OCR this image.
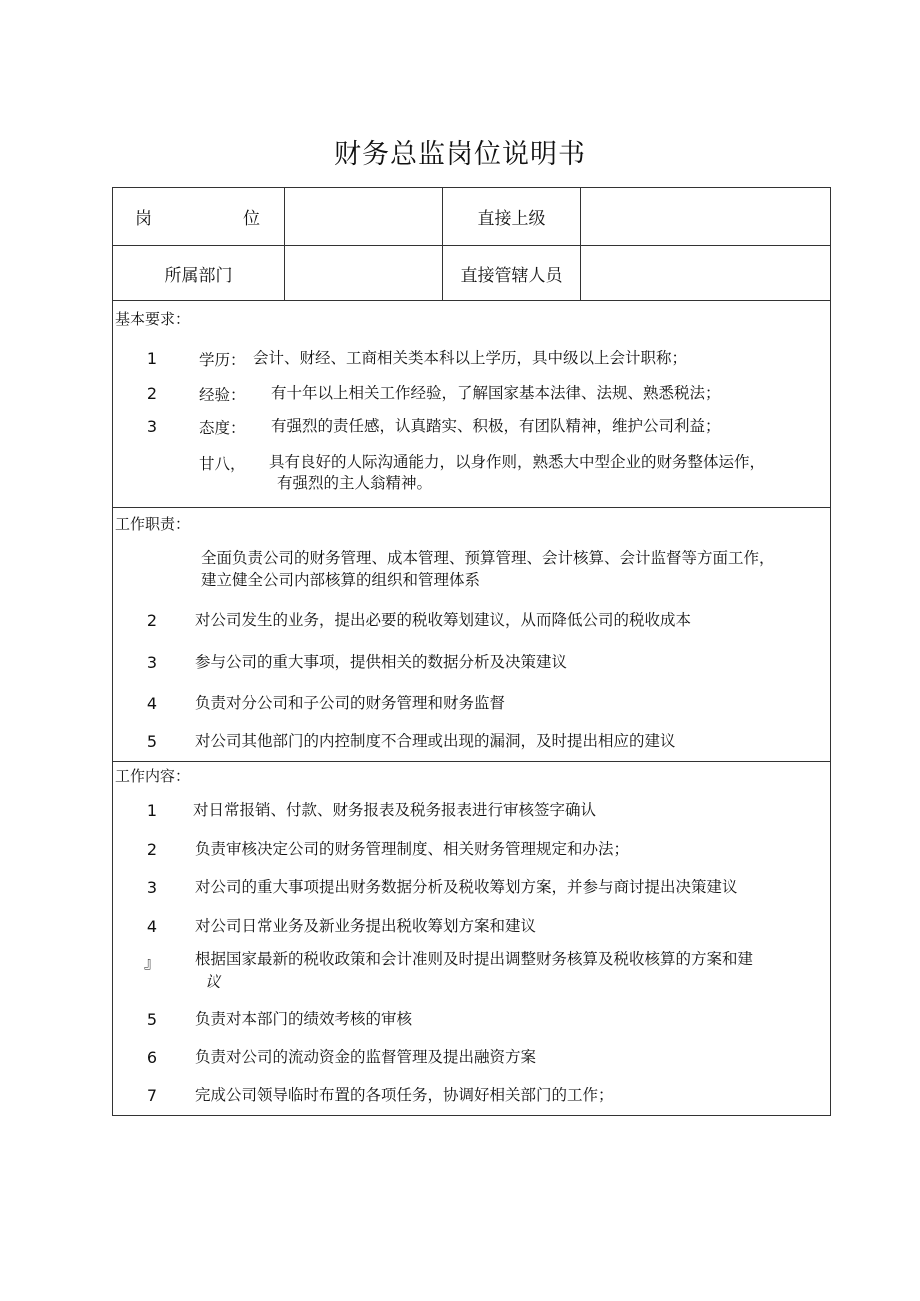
财务总监岗位说明书
岗	位	直接上级
所属部门	直接管辖人员
基本要求：
1	学历： 会计、财经、工商相关类本科以上学历，具中级以上会计职称；
2	经验： 有十年以上相关工作经验，了解国家基本法律、法规、熟悉税法；
3	态度： 有强烈的责任感，认真踏实、积极，有团队精神，维护公司利益；
甘八， 具有良好的人际沟通能力，以身作则，熟悉大中型企业的财务整体运作，
有强烈的主人翁精神。
工作职责：
全面负责公司的财务管理、成本管理、预算管理、会计核算、会计监督等方面工作，
建立健全公司内部核算的组织和管理体系
2	对公司发生的业务，提出必要的税收筹划建议，从而降低公司的税收成本
3	参与公司的重大事项，提供相关的数据分析及决策建议
4	负责对分公司和子公司的财务管理和财务监督
5	对公司其他部门的内控制度不合理或出现的漏洞，及时提出相应的建议
工作内容：
1	对日常报销、付款、财务报表及税务报表进行审核签字确认
2	负责审核决定公司的财务管理制度、相关财务管理规定和办法；
3	对公司的重大事项提出财务数据分析及税收筹划方案，并参与商讨提出决策建议
4	对公司日常业务及新业务提出税收筹划方案和建议
』	根据国家最新的税收政策和会计准则及时提出调整财务核算及税收核算的方案和建
议
5	负责对本部门的绩效考核的审核
6	负责对公司的流动资金的监督管理及提出融资方案
7	完成公司领导临时布置的各项任务，协调好相关部门的工作；
